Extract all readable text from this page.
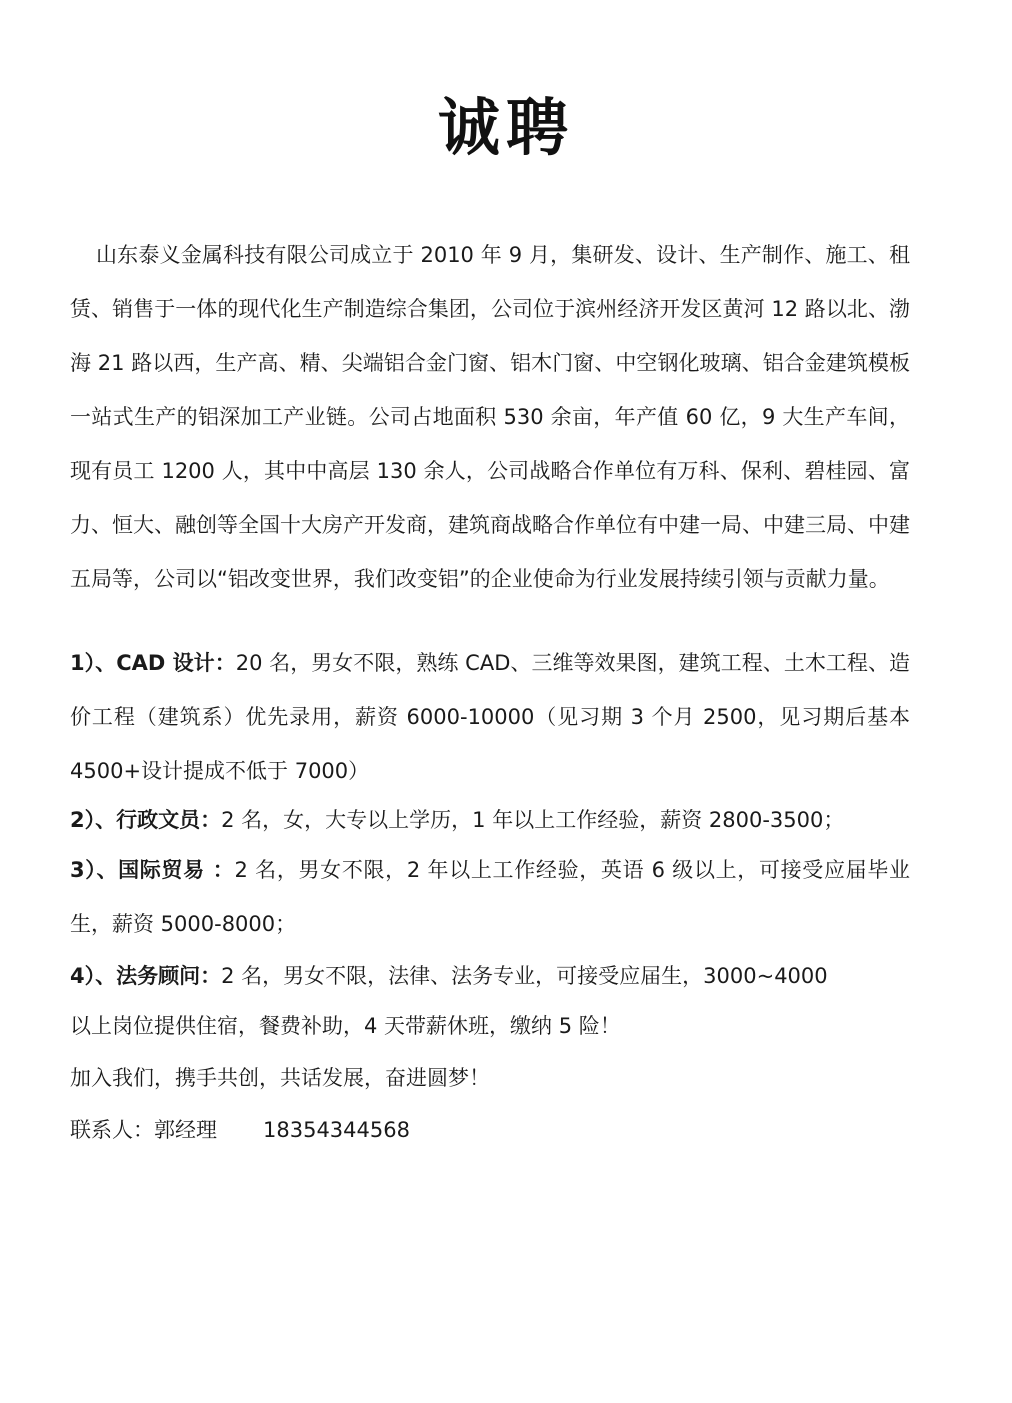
诚聘

山东泰义金属科技有限公司成立于 2010 年 9 月，集研发、设计、生产制作、施工、租赁、销售于一体的现代化生产制造综合集团，公司位于滨州经济开发区黄河 12 路以北、渤海 21 路以西，生产高、精、尖端铝合金门窗、铝木门窗、中空钢化玻璃、铝合金建筑模板一站式生产的铝深加工产业链。公司占地面积 530 余亩，年产值 60 亿，9 大生产车间，现有员工 1200 人，其中中高层 130 余人，公司战略合作单位有万科、保利、碧桂园、富力、恒大、融创等全国十大房产开发商，建筑商战略合作单位有中建一局、中建三局、中建五局等，公司以“铝改变世界，我们改变铝”的企业使命为行业发展持续引领与贡献力量。

1）、CAD 设计：20 名，男女不限，熟练 CAD、三维等效果图，建筑工程、土木工程、造价工程（建筑系）优先录用，薪资 6000-10000（见习期 3 个月 2500，见习期后基本 4500+设计提成不低于 7000）

2）、行政文员：2 名，女，大专以上学历，1 年以上工作经验，薪资 2800-3500；

3）、国际贸易 ：2 名，男女不限，2 年以上工作经验，英语 6 级以上，可接受应届毕业生，薪资 5000-8000；

4）、法务顾问：2 名，男女不限，法律、法务专业，可接受应届生，3000~4000

以上岗位提供住宿，餐费补助，4 天带薪休班，缴纳 5 险！

加入我们，携手共创，共话发展，奋进圆梦！

联系人：郭经理 18354344568
